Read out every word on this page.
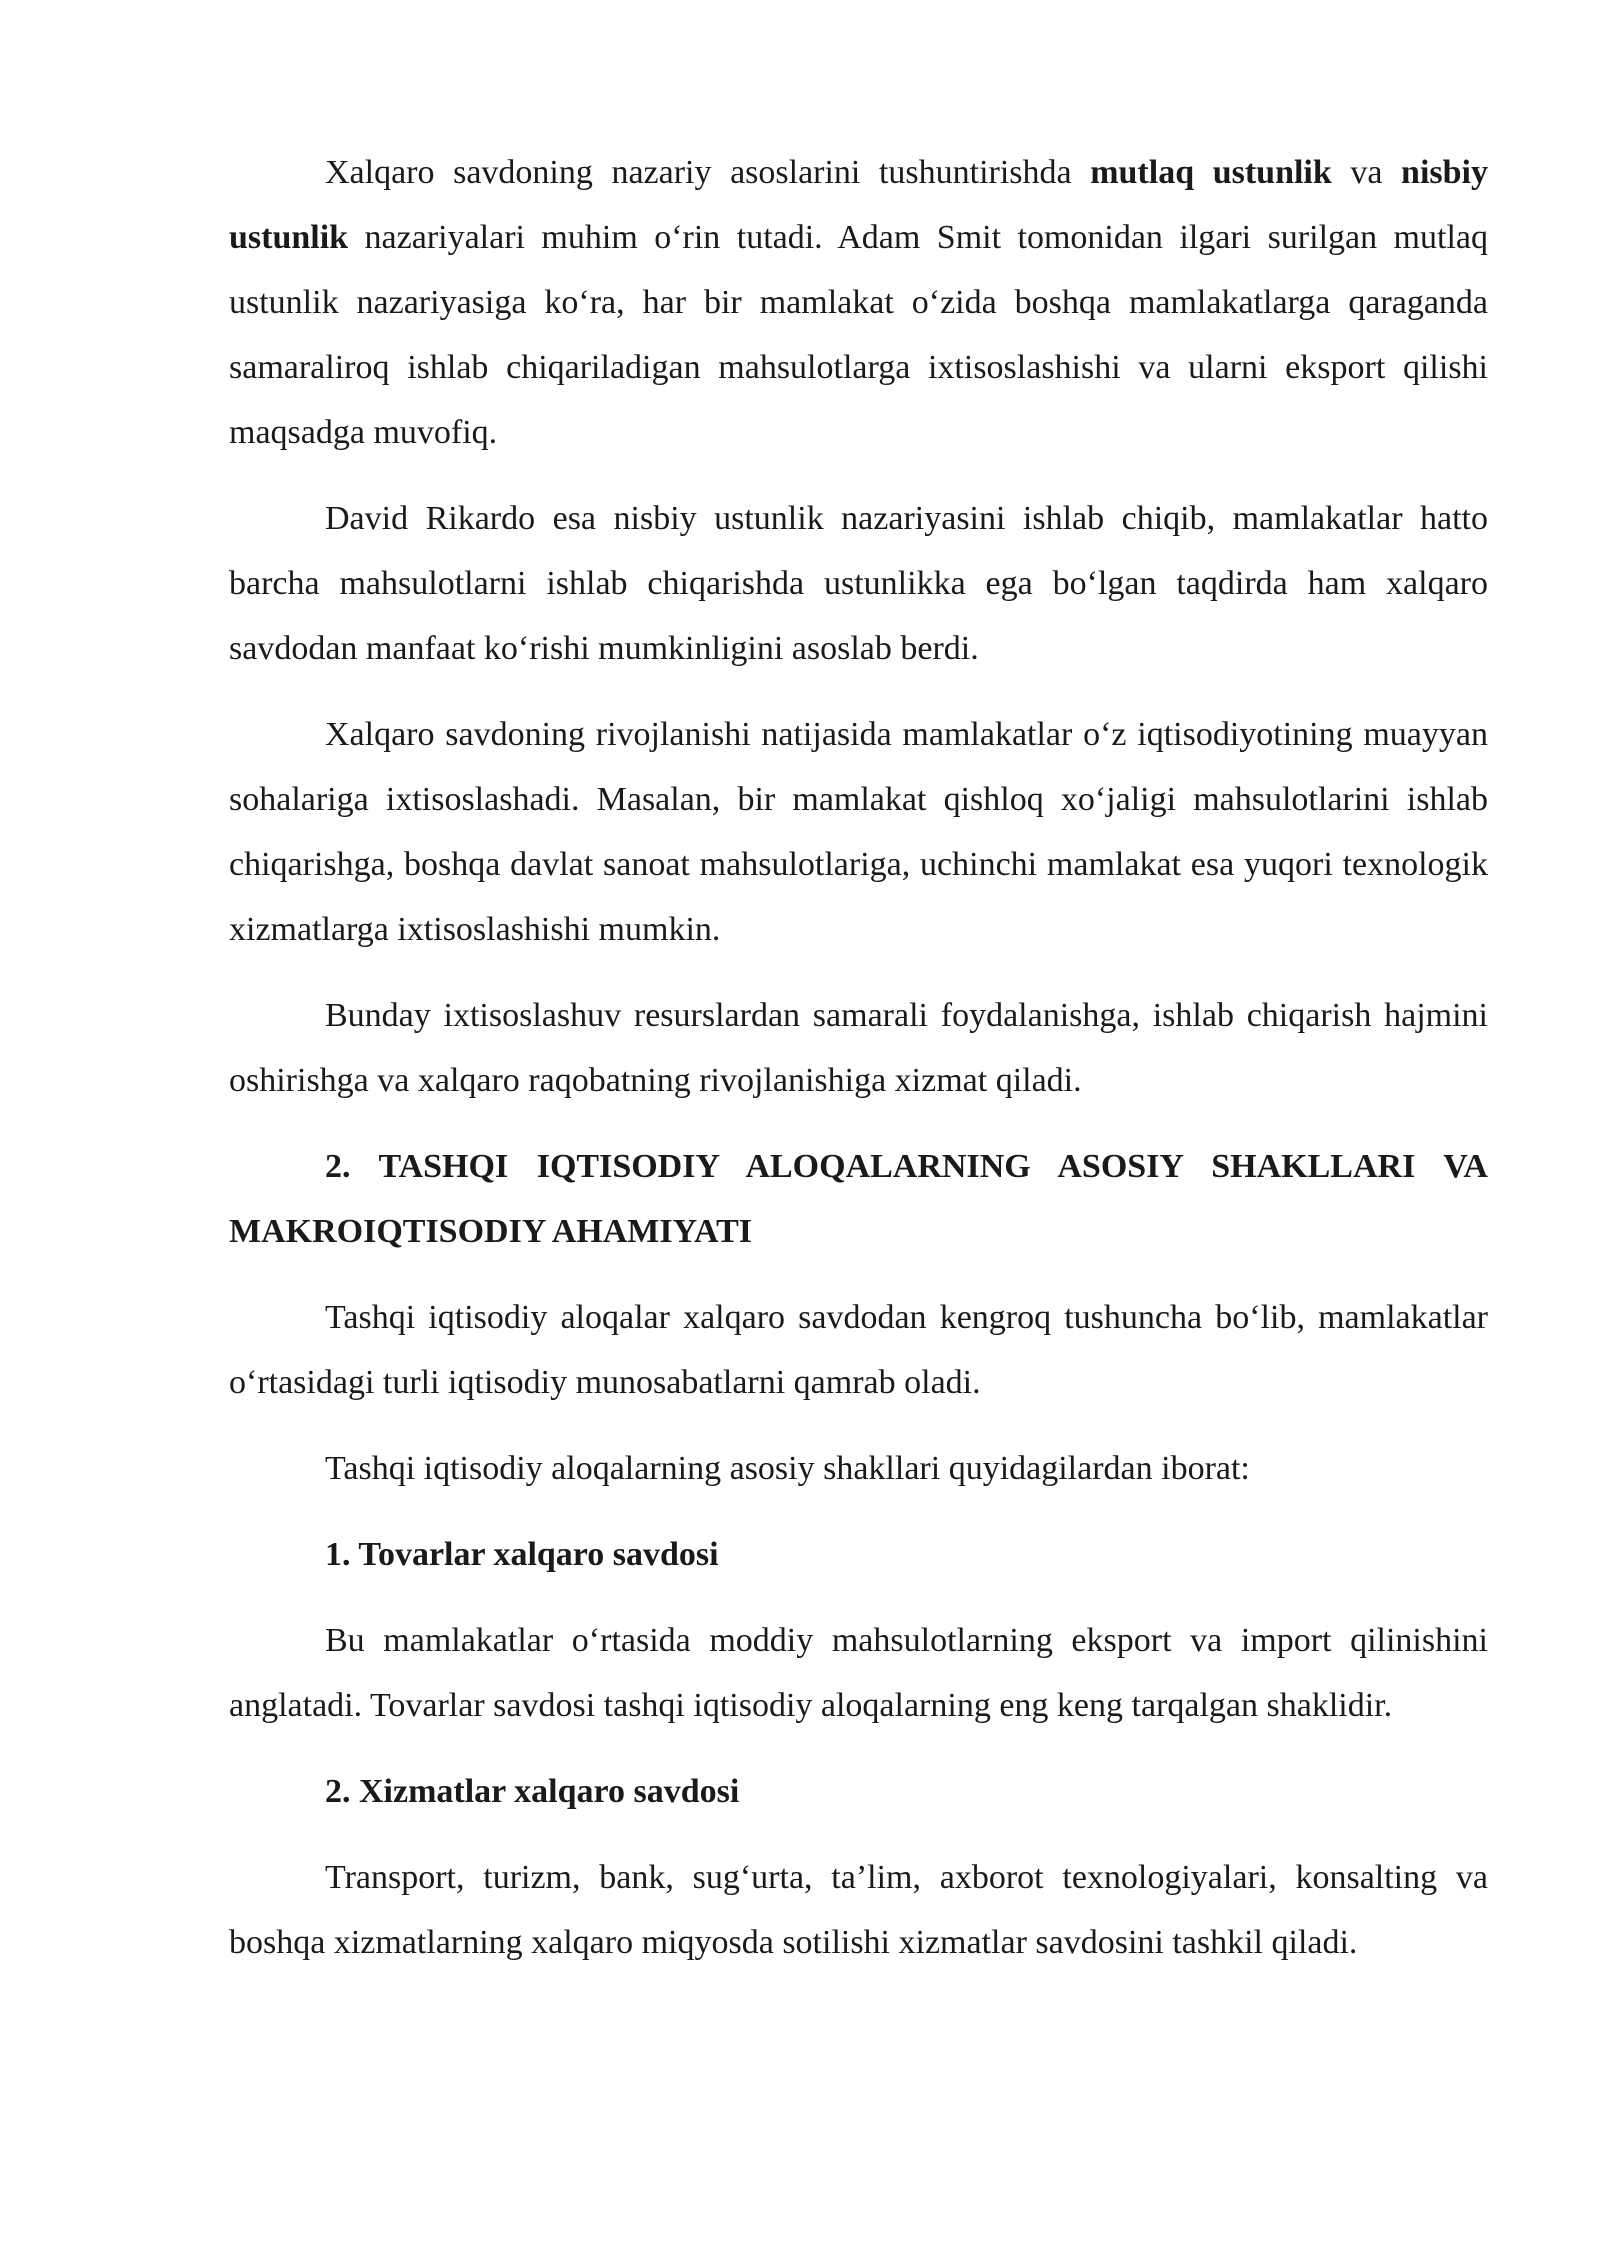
Xalqaro savdoning nazariy asoslarini tushuntirishda mutlaq ustunlik va nisbiy ustunlik nazariyalari muhim o‘rin tutadi. Adam Smit tomonidan ilgari surilgan mutlaq ustunlik nazariyasiga ko‘ra, har bir mamlakat o‘zida boshqa mamlakatlarga qaraganda samaraliroq ishlab chiqariladigan mahsulotlarga ixtisoslashishi va ularni eksport qilishi maqsadga muvofiq.

David Rikardo esa nisbiy ustunlik nazariyasini ishlab chiqib, mamlakatlar hatto barcha mahsulotlarni ishlab chiqarishda ustunlikka ega bo‘lgan taqdirda ham xalqaro savdodan manfaat ko‘rishi mumkinligini asoslab berdi.

Xalqaro savdoning rivojlanishi natijasida mamlakatlar o‘z iqtisodiyotining muayyan sohalariga ixtisoslashadi. Masalan, bir mamlakat qishloq xo‘jaligi mahsulotlarini ishlab chiqarishga, boshqa davlat sanoat mahsulotlariga, uchinchi mamlakat esa yuqori texnologik xizmatlarga ixtisoslashishi mumkin.

Bunday ixtisoslashuv resurslardan samarali foydalanishga, ishlab chiqarish hajmini oshirishga va xalqaro raqobatning rivojlanishiga xizmat qiladi.

2. TASHQI IQTISODIY ALOQALARNING ASOSIY SHAKLLARI VA MAKROIQTISODIY AHAMIYATI

Tashqi iqtisodiy aloqalar xalqaro savdodan kengroq tushuncha bo‘lib, mamlakatlar o‘rtasidagi turli iqtisodiy munosabatlarni qamrab oladi.

Tashqi iqtisodiy aloqalarning asosiy shakllari quyidagilardan iborat:

1. Tovarlar xalqaro savdosi

Bu mamlakatlar o‘rtasida moddiy mahsulotlarning eksport va import qilinishini anglatadi. Tovarlar savdosi tashqi iqtisodiy aloqalarning eng keng tarqalgan shaklidir.

2. Xizmatlar xalqaro savdosi

Transport, turizm, bank, sug‘urta, ta’lim, axborot texnologiyalari, konsalting va boshqa xizmatlarning xalqaro miqyosda sotilishi xizmatlar savdosini tashkil qiladi.
